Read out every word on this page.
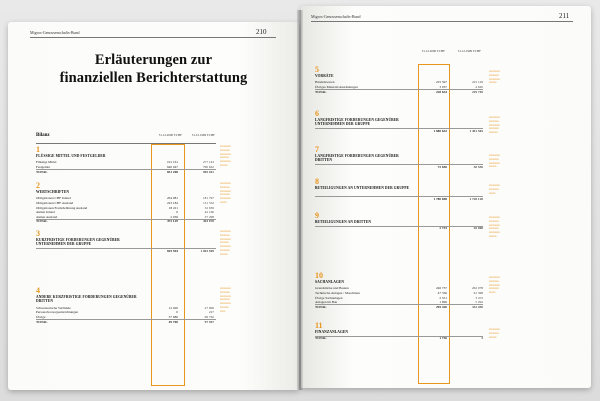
Migros-Genossenschafts-Bund	210
Erläuterungen zur
finanziellen Berichterstattung
Bilanz	31.12.2000 TCHF	31.12.1999 TCHF
1
FLÜSSIGE MITTEL UND FESTGELDER
Flüssige Mittel	191 161	277 143
Festgelder	640 047	790 622
TOTAL	831 208	905 041
2
WERTSCHRIFTEN
Obligationen CHF Inland	204 081	181 797
Obligationen CHF Ausland	223 184	131 552
Obligationen Fremdwährung Ausland	18 221	32 639
Aktien Inland	0	42 160
Aktien Ausland	2 039	37 298
TOTAL	472 129	404 078
3
KURZFRISTIGE FORDERUNGEN GEGENÜBER UNTERNEHMEN DER GRUPPE
825 594	1 003 569
4
ANDERE KURZFRISTIGE FORDERUNGEN GEGENÜBER DRITTEN
Schweizerische Verbände	12 020	27 906
Personalvorsorgeeinrichtungen	0	227
Übrige	37 680	69 762
TOTAL	49 700	97 947
▪▪▪▪▪▪▪▪▪▪
▪▪▪▪▪▪▪▪▪
▪▪▪▪▪▪▪▪▪▪
▪▪▪▪▪▪▪▪
▪▪▪▪▪▪▪▪▪▪
▪▪▪▪▪▪▪
▪▪▪▪▪▪▪▪▪▪
▪▪▪▪▪▪▪▪▪
▪▪▪▪▪▪▪▪▪▪
▪▪▪▪▪▪▪▪▪
▪▪▪▪▪▪▪▪▪▪
▪▪▪▪▪▪
▪▪▪▪▪▪▪▪▪▪
▪▪▪▪▪▪▪▪▪
▪▪▪▪▪▪▪▪▪▪
▪▪▪▪▪▪▪▪
▪▪▪▪▪▪▪▪▪▪
▪▪▪▪▪▪▪▪▪
▪▪▪▪▪▪▪
▪▪▪▪▪▪▪▪▪▪
▪▪▪▪▪▪▪▪▪
▪▪▪▪▪▪▪▪▪▪
▪▪▪▪▪▪▪▪▪
▪▪▪▪▪▪▪▪▪▪
▪▪▪▪▪▪▪▪
▪▪▪▪▪
Migros-Genossenschafts-Bund	211
31.12.2000 TCHF	31.12.1999 TCHF
5
VORRÄTE
Handelswaren	225 597	225 129
Übriges Material/Ausrüstungen	3 037	4 620
TOTAL	228 634	229 749
6
LANGFRISTIGE FORDERUNGEN GEGENÜBER UNTERNEHMEN DER GRUPPE
1 680 632	1 401 565
7
LANGFRISTIGE FORDERUNGEN GEGENÜBER DRITTEN
72 656	30 530
8
BETEILIGUNGEN AN UNTERNEHMEN DER GRUPPE
1 780 698	1 728 128
9
BETEILIGUNGEN AN DRITTEN
2 733	26 008
10
SACHANLAGEN
Grundstücke und Bauten	246 737	262 078
Technische Anlagen / Maschinen	47 336	61 398
Übrige Sachanlagen	2 551	3 472
Anlagen im Bau	1 696	5 292
TOTAL	295 420	332 450
11
FINANZANLAGEN
TOTAL	1 736	3
▪▪▪▪▪▪▪▪▪▪
▪▪▪▪▪▪▪▪▪
▪▪▪▪▪▪▪▪▪▪
▪▪▪▪▪▪▪
▪▪▪▪▪▪▪▪▪▪
▪▪▪▪▪▪▪▪▪
▪▪▪▪▪▪▪▪▪▪
▪▪▪▪▪▪▪▪▪
▪▪▪▪▪▪▪▪
▪▪▪▪▪▪▪▪▪▪
▪▪▪▪▪▪▪▪▪
▪▪▪▪▪▪▪▪▪▪
▪▪▪▪▪▪▪
▪▪▪▪▪▪▪▪▪▪
▪▪▪▪▪▪▪▪▪
▪▪▪▪▪▪
▪▪▪▪▪▪▪▪▪▪
▪▪▪▪▪▪▪▪▪
▪▪▪▪▪▪▪▪▪▪
▪▪▪▪▪▪▪▪▪
▪▪▪▪▪▪▪▪▪▪
▪▪▪▪▪▪▪
▪▪▪▪▪▪▪▪▪▪
▪▪▪▪▪▪▪▪▪
▪▪▪▪▪▪▪▪▪▪
▪▪▪▪▪▪▪▪▪
▪▪▪▪▪▪
▪▪▪▪▪▪▪▪▪▪
▪▪▪▪▪▪▪▪▪
▪▪▪▪▪▪▪
